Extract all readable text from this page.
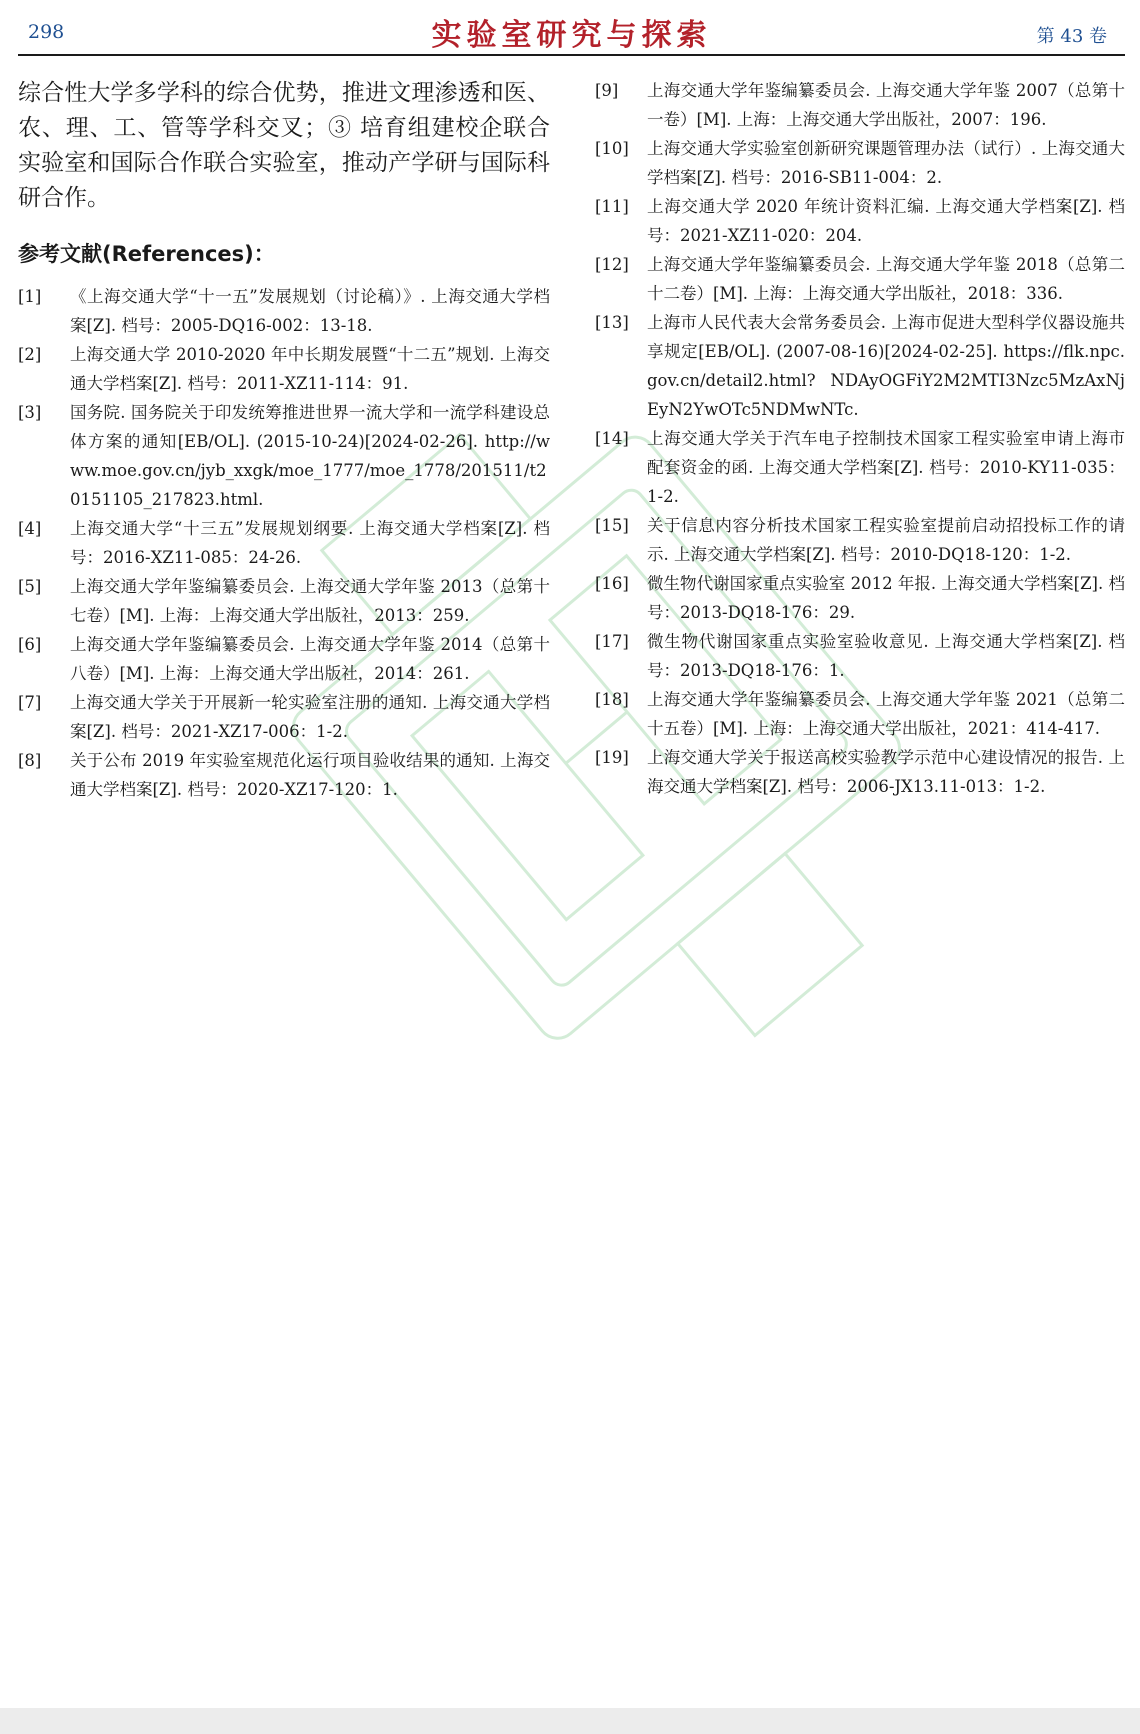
298	实验室研究与探索	第 43 卷

综合性大学多学科的综合优势，推进文理渗透和医、农、理、工、管等学科交叉；③ 培育组建校企联合实验室和国际合作联合实验室，推动产学研与国际科研合作。

参考文献(References)：
[1]	《上海交通大学“十一五”发展规划（讨论稿）》. 上海交通大学档案[Z]. 档号：2005-DQ16-002：13-18.
[2]	上海交通大学 2010-2020 年中长期发展暨“十二五”规划. 上海交通大学档案[Z]. 档号：2011-XZ11-114：91.
[3]	国务院. 国务院关于印发统筹推进世界一流大学和一流学科建设总体方案的通知[EB/OL]. (2015-10-24)[2024-02-26]. http://www.moe.gov.cn/jyb_xxgk/moe_1777/moe_1778/201511/t20151105_217823.html.
[4]	上海交通大学“十三五”发展规划纲要. 上海交通大学档案[Z]. 档号：2016-XZ11-085：24-26.
[5]	上海交通大学年鉴编纂委员会. 上海交通大学年鉴 2013（总第十七卷）[M]. 上海：上海交通大学出版社，2013：259.
[6]	上海交通大学年鉴编纂委员会. 上海交通大学年鉴 2014（总第十八卷）[M]. 上海：上海交通大学出版社，2014：261.
[7]	上海交通大学关于开展新一轮实验室注册的通知. 上海交通大学档案[Z]. 档号：2021-XZ17-006：1-2.
[8]	关于公布 2019 年实验室规范化运行项目验收结果的通知. 上海交通大学档案[Z]. 档号：2020-XZ17-120：1.
[9]	上海交通大学年鉴编纂委员会. 上海交通大学年鉴 2007（总第十一卷）[M]. 上海：上海交通大学出版社，2007：196.
[10]	上海交通大学实验室创新研究课题管理办法（试行）. 上海交通大学档案[Z]. 档号：2016-SB11-004：2.
[11]	上海交通大学 2020 年统计资料汇编. 上海交通大学档案[Z]. 档号：2021-XZ11-020：204.
[12]	上海交通大学年鉴编纂委员会. 上海交通大学年鉴 2018（总第二十二卷）[M]. 上海：上海交通大学出版社，2018：336.
[13]	上海市人民代表大会常务委员会. 上海市促进大型科学仪器设施共享规定[EB/OL]. (2007-08-16)[2024-02-25]. https://flk.npc.gov.cn/detail2.html? NDAyOGFiY2M2MTI3Nzc5MzAxNjEyN2YwOTc5NDMwNTc.
[14]	上海交通大学关于汽车电子控制技术国家工程实验室申请上海市配套资金的函. 上海交通大学档案[Z]. 档号：2010-KY11-035：1-2.
[15]	关于信息内容分析技术国家工程实验室提前启动招投标工作的请示. 上海交通大学档案[Z]. 档号：2010-DQ18-120：1-2.
[16]	微生物代谢国家重点实验室 2012 年报. 上海交通大学档案[Z]. 档号：2013-DQ18-176：29.
[17]	微生物代谢国家重点实验室验收意见. 上海交通大学档案[Z]. 档号：2013-DQ18-176：1.
[18]	上海交通大学年鉴编纂委员会. 上海交通大学年鉴 2021（总第二十五卷）[M]. 上海：上海交通大学出版社，2021：414-417.
[19]	上海交通大学关于报送高校实验教学示范中心建设情况的报告. 上海交通大学档案[Z]. 档号：2006-JX13.11-013：1-2.
